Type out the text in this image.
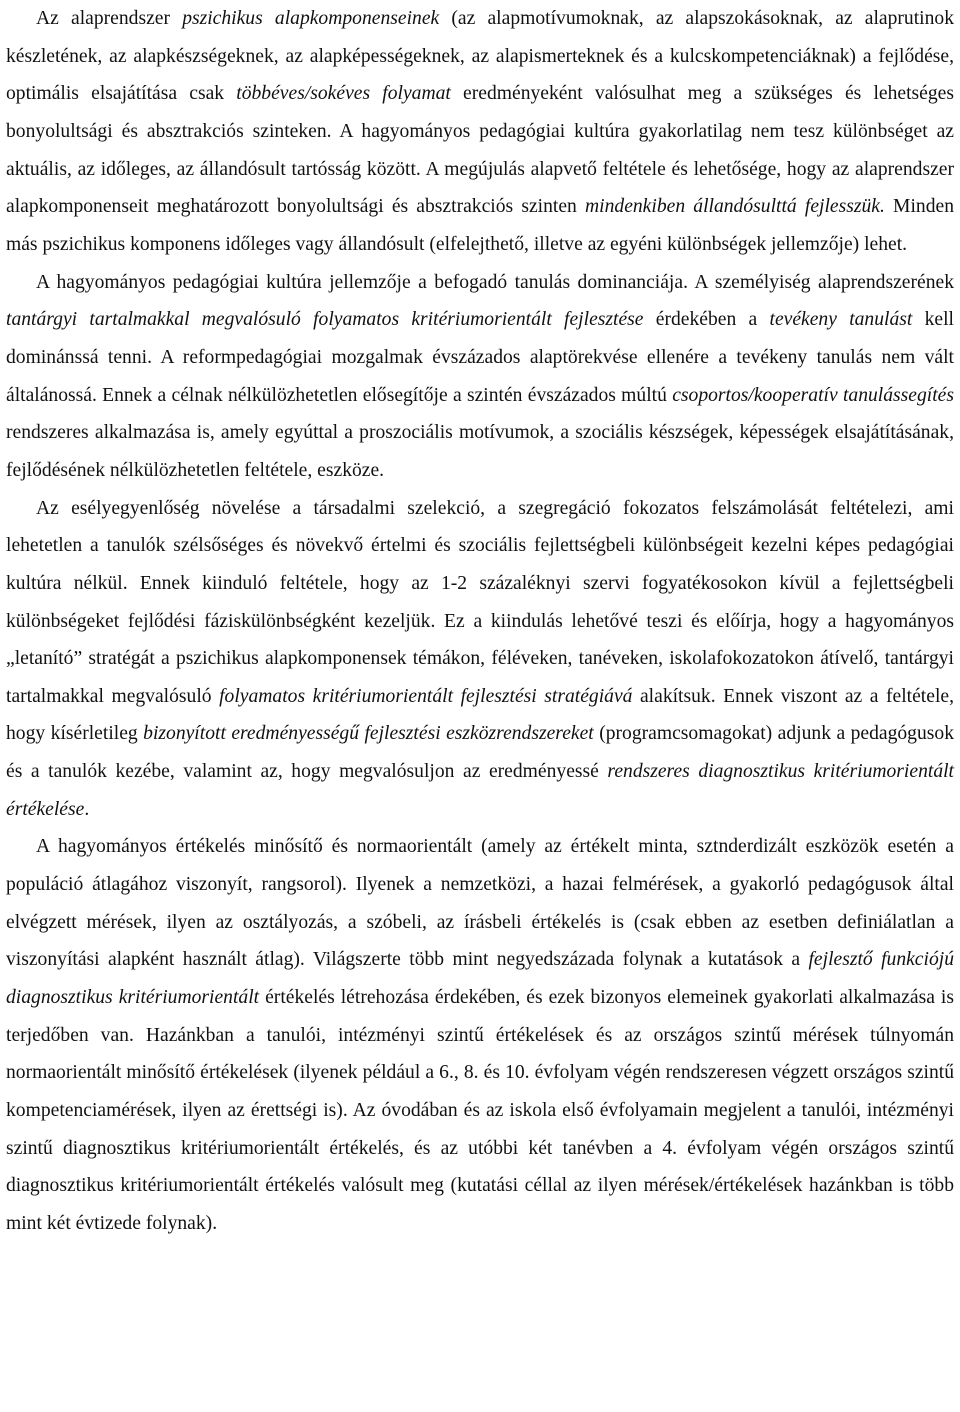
Az alaprendszer pszichikus alapkomponenseinek (az alapmotívumoknak, az alapszokásoknak, az alaprutinok készletének, az alapkészségeknek, az alapképességeknek, az alapismerteknek és a kulcskompetenciáknak) a fejlődése, optimális elsajátítása csak többéves/sokéves folyamat eredményeként valósulhat meg a szükséges és lehetséges bonyolultsági és absztrakciós szinteken. A hagyományos pedagógiai kultúra gyakorlatilag nem tesz különbséget az aktuális, az időleges, az állandósult tartósság között. A megújulás alapvető feltétele és lehetősége, hogy az alaprendszer alapkomponenseit meghatározott bonyolultsági és absztrakciós szinten mindenkiben állandósulttá fejlesszük. Minden más pszichikus komponens időleges vagy állandósult (elfelejthető, illetve az egyéni különbségek jellemzője) lehet.

A hagyományos pedagógiai kultúra jellemzője a befogadó tanulás dominanciája. A személyiség alaprendszerének tantárgyi tartalmakkal megvalósuló folyamatos kritériumorientált fejlesztése érdekében a tevékeny tanulást kell dominánssá tenni. A reformpedagógiai mozgalmak évszázados alaptörekvése ellenére a tevékeny tanulás nem vált általánossá. Ennek a célnak nélkülözhetetlen elősegítője a szintén évszázados múltú csoportos/kooperatív tanulássegítés rendszeres alkalmazása is, amely egyúttal a proszociális motívumok, a szociális készségek, képességek elsajátításának, fejlődésének nélkülözhetetlen feltétele, eszköze.

Az esélyegyenlőség növelése a társadalmi szelekció, a szegregáció fokozatos felszámolását feltételezi, ami lehetetlen a tanulók szélsőséges és növekvő értelmi és szociális fejlettségbeli különbségeit kezelni képes pedagógiai kultúra nélkül. Ennek kiinduló feltétele, hogy az 1-2 százaléknyi szervi fogyatékosokon kívül a fejlettségbeli különbségeket fejlődési fáziskülönbségként kezeljük. Ez a kiindulás lehetővé teszi és előírja, hogy a hagyományos „letanító” stratégát a pszichikus alapkomponensek témákon, féléveken, tanéveken, iskolafokozatokon átívelő, tantárgyi tartalmakkal megvalósuló folyamatos kritériumorientált fejlesztési stratégiává alakítsuk. Ennek viszont az a feltétele, hogy kísérletileg bizonyított eredményességű fejlesztési eszközrendszereket (programcsomagokat) adjunk a pedagógusok és a tanulók kezébe, valamint az, hogy megvalósuljon az eredményessé rendszeres diagnosztikus kritériumorientált értékelése.

A hagyományos értékelés minősítő és normaorientált (amely az értékelt minta, sztnderdizált eszközök esetén a populáció átlagához viszonyít, rangsorol). Ilyenek a nemzetközi, a hazai felmérések, a gyakorló pedagógusok által elvégzett mérések, ilyen az osztályozás, a szóbeli, az írásbeli értékelés is (csak ebben az esetben definiálatlan a viszonyítási alapként használt átlag). Világszerte több mint negyedszázada folynak a kutatások a fejlesztő funkciójú diagnosztikus kritériumorientált értékelés létrehozása érdekében, és ezek bizonyos elemeinek gyakorlati alkalmazása is terjedőben van. Hazánkban a tanulói, intézményi szintű értékelések és az országos szintű mérések túlnyomán normaorientált minősítő értékelések (ilyenek például a 6., 8. és 10. évfolyam végén rendszeresen végzett országos szintű kompetenciamérések, ilyen az érettségi is). Az óvodában és az iskola első évfolyamain megjelent a tanulói, intézményi szintű diagnosztikus kritériumorientált értékelés, és az utóbbi két tanévben a 4. évfolyam végén országos szintű diagnosztikus kritériumorientált értékelés valósult meg (kutatási céllal az ilyen mérések/értékelések hazánkban is több mint két évtizede folynak).
